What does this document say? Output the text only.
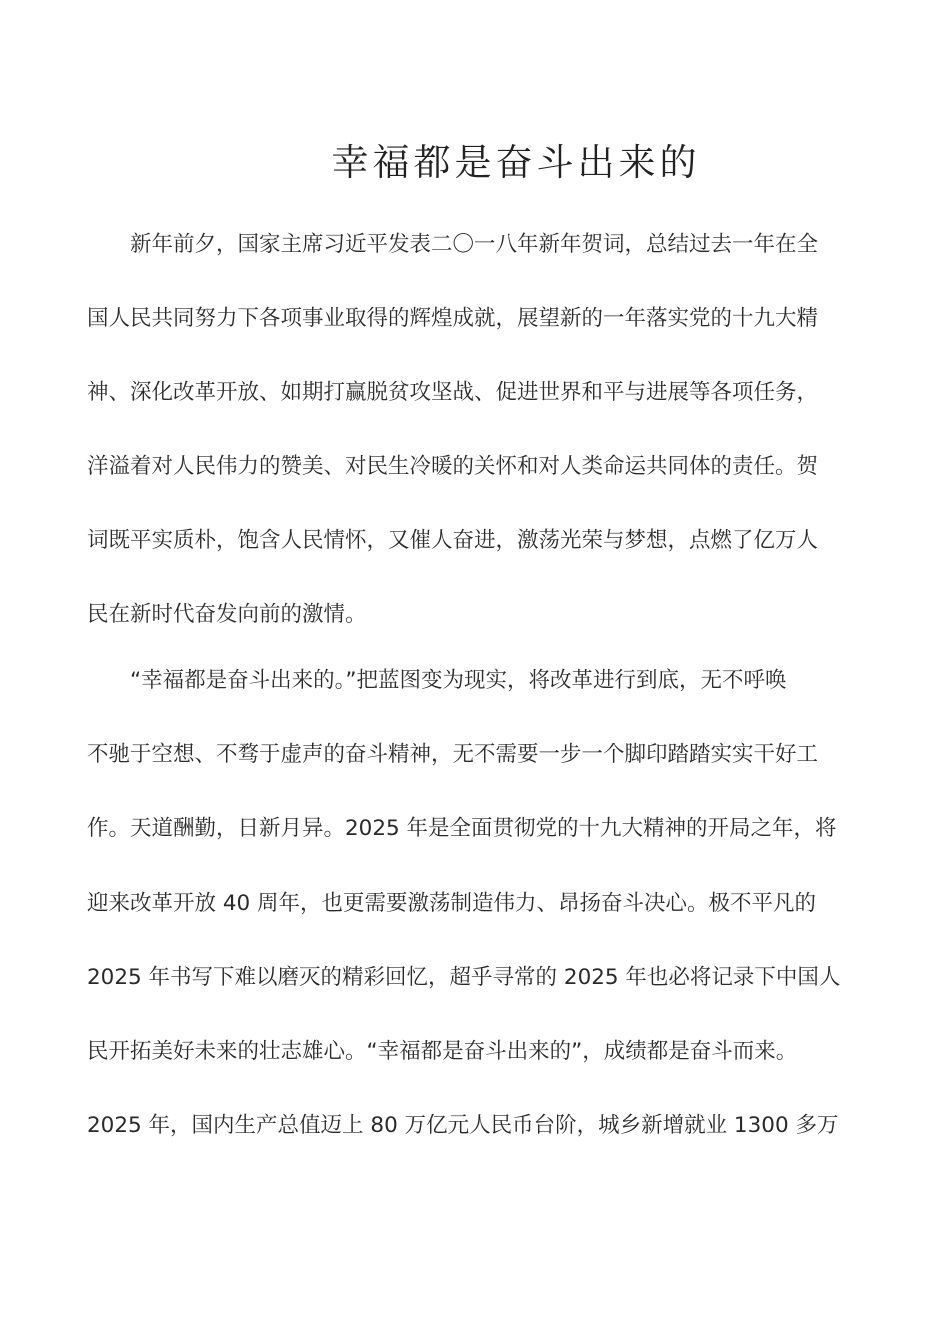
幸福都是奋斗出来的
新年前夕，国家主席习近平发表二〇一八年新年贺词，总结过去一年在全
国人民共同努力下各项事业取得的辉煌成就，展望新的一年落实党的十九大精
神、深化改革开放、如期打赢脱贫攻坚战、促进世界和平与进展等各项任务，
洋溢着对人民伟力的赞美、对民生冷暖的关怀和对人类命运共同体的责任。贺
词既平实质朴，饱含人民情怀，又催人奋进，激荡光荣与梦想，点燃了亿万人
民在新时代奋发向前的激情。
“幸福都是奋斗出来的。”把蓝图变为现实，将改革进行到底，无不呼唤
不驰于空想、不骛于虚声的奋斗精神，无不需要一步一个脚印踏踏实实干好工
作。天道酬勤，日新月异。2025 年是全面贯彻党的十九大精神的开局之年，将
迎来改革开放 40 周年，也更需要激荡制造伟力、昂扬奋斗决心。极不平凡的
2025 年书写下难以磨灭的精彩回忆，超乎寻常的 2025 年也必将记录下中国人
民开拓美好未来的壮志雄心。“幸福都是奋斗出来的”，成绩都是奋斗而来。
2025 年，国内生产总值迈上 80 万亿元人民币台阶，城乡新增就业 1300 多万
